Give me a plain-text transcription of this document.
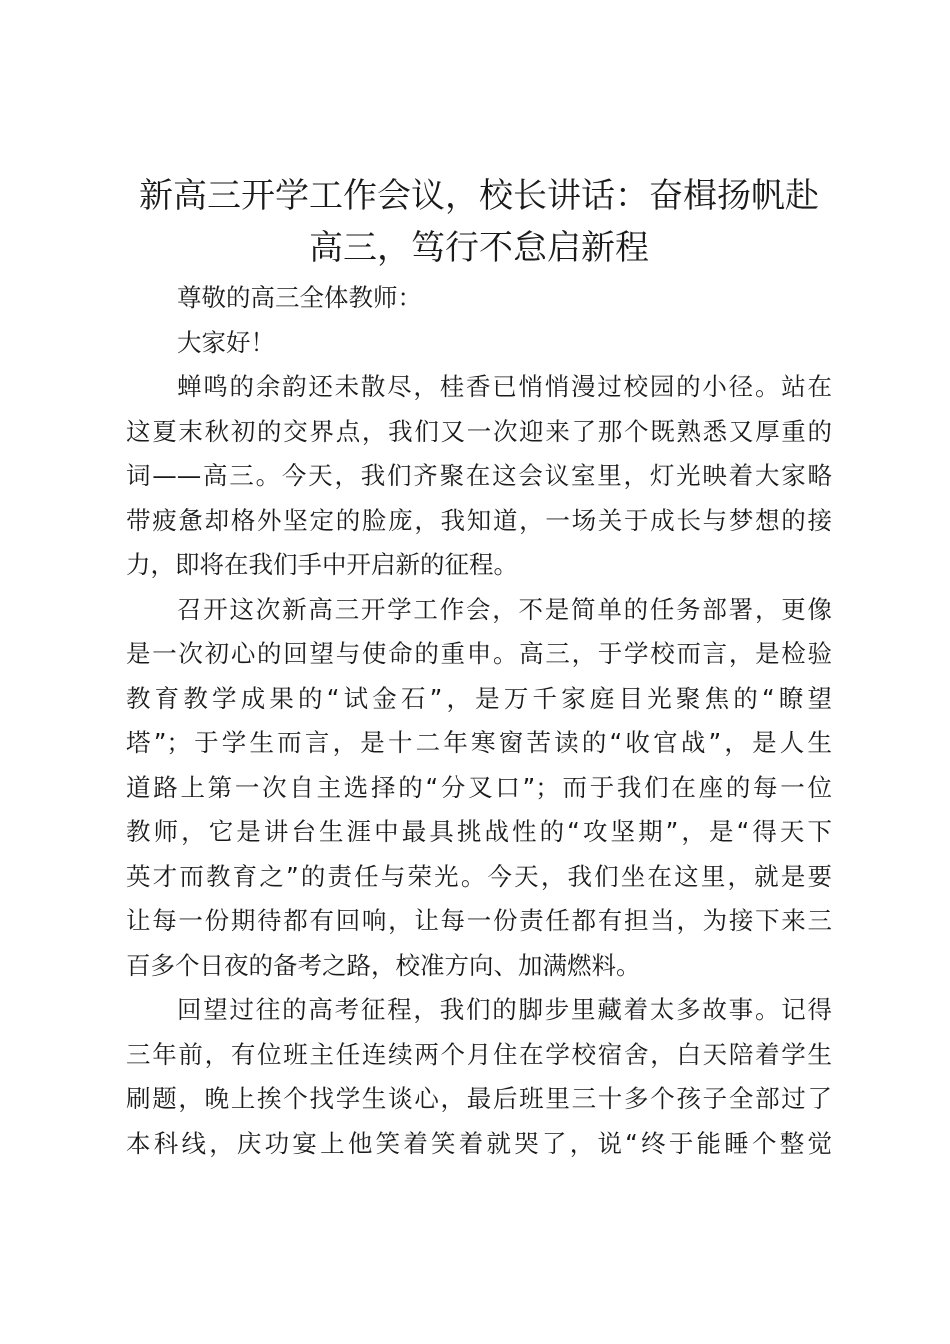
新高三开学工作会议，校长讲话：奋楫扬帆赴
高三，笃行不怠启新程
尊敬的高三全体教师：
大家好！
蝉鸣的余韵还未散尽，桂香已悄悄漫过校园的小径。站在
这夏末秋初的交界点，我们又一次迎来了那个既熟悉又厚重的
词——高三。今天，我们齐聚在这会议室里，灯光映着大家略
带疲惫却格外坚定的脸庞，我知道，一场关于成长与梦想的接
力，即将在我们手中开启新的征程。
召开这次新高三开学工作会，不是简单的任务部署，更像
是一次初心的回望与使命的重申。高三，于学校而言，是检验
教育教学成果的“试金石”，是万千家庭目光聚焦的“瞭望
塔”；于学生而言，是十二年寒窗苦读的“收官战”，是人生
道路上第一次自主选择的“分叉口”；而于我们在座的每一位
教师，它是讲台生涯中最具挑战性的“攻坚期”，是“得天下
英才而教育之”的责任与荣光。今天，我们坐在这里，就是要
让每一份期待都有回响，让每一份责任都有担当，为接下来三
百多个日夜的备考之路，校准方向、加满燃料。
回望过往的高考征程，我们的脚步里藏着太多故事。记得
三年前，有位班主任连续两个月住在学校宿舍，白天陪着学生
刷题，晚上挨个找学生谈心，最后班里三十多个孩子全部过了
本科线，庆功宴上他笑着笑着就哭了，说“终于能睡个整觉
